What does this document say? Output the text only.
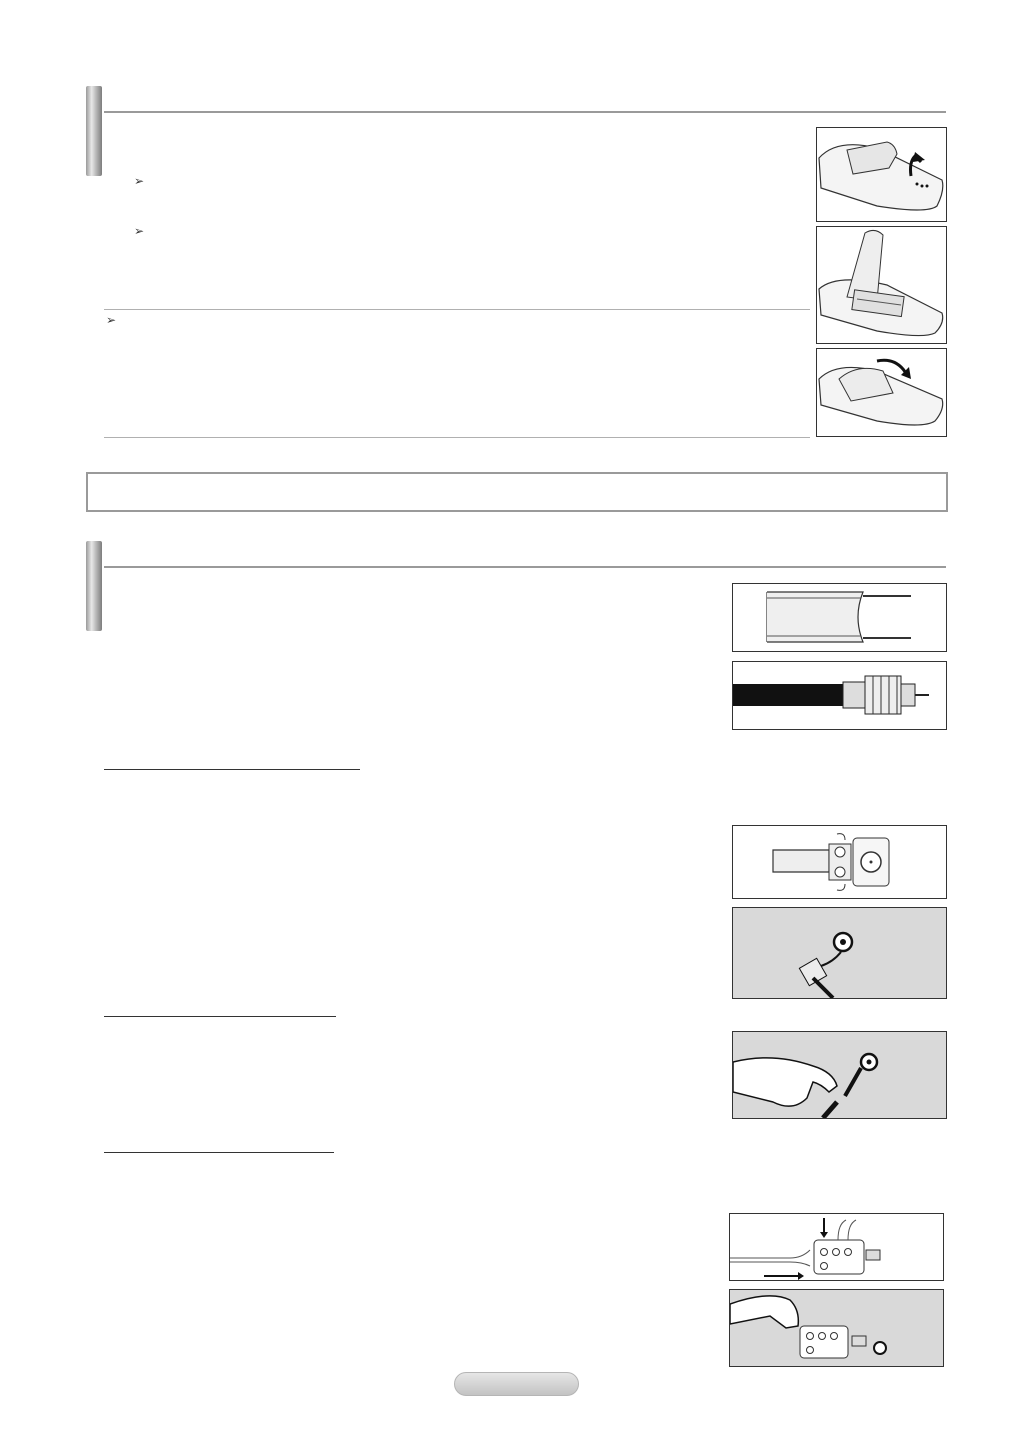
➢
➢
➢
